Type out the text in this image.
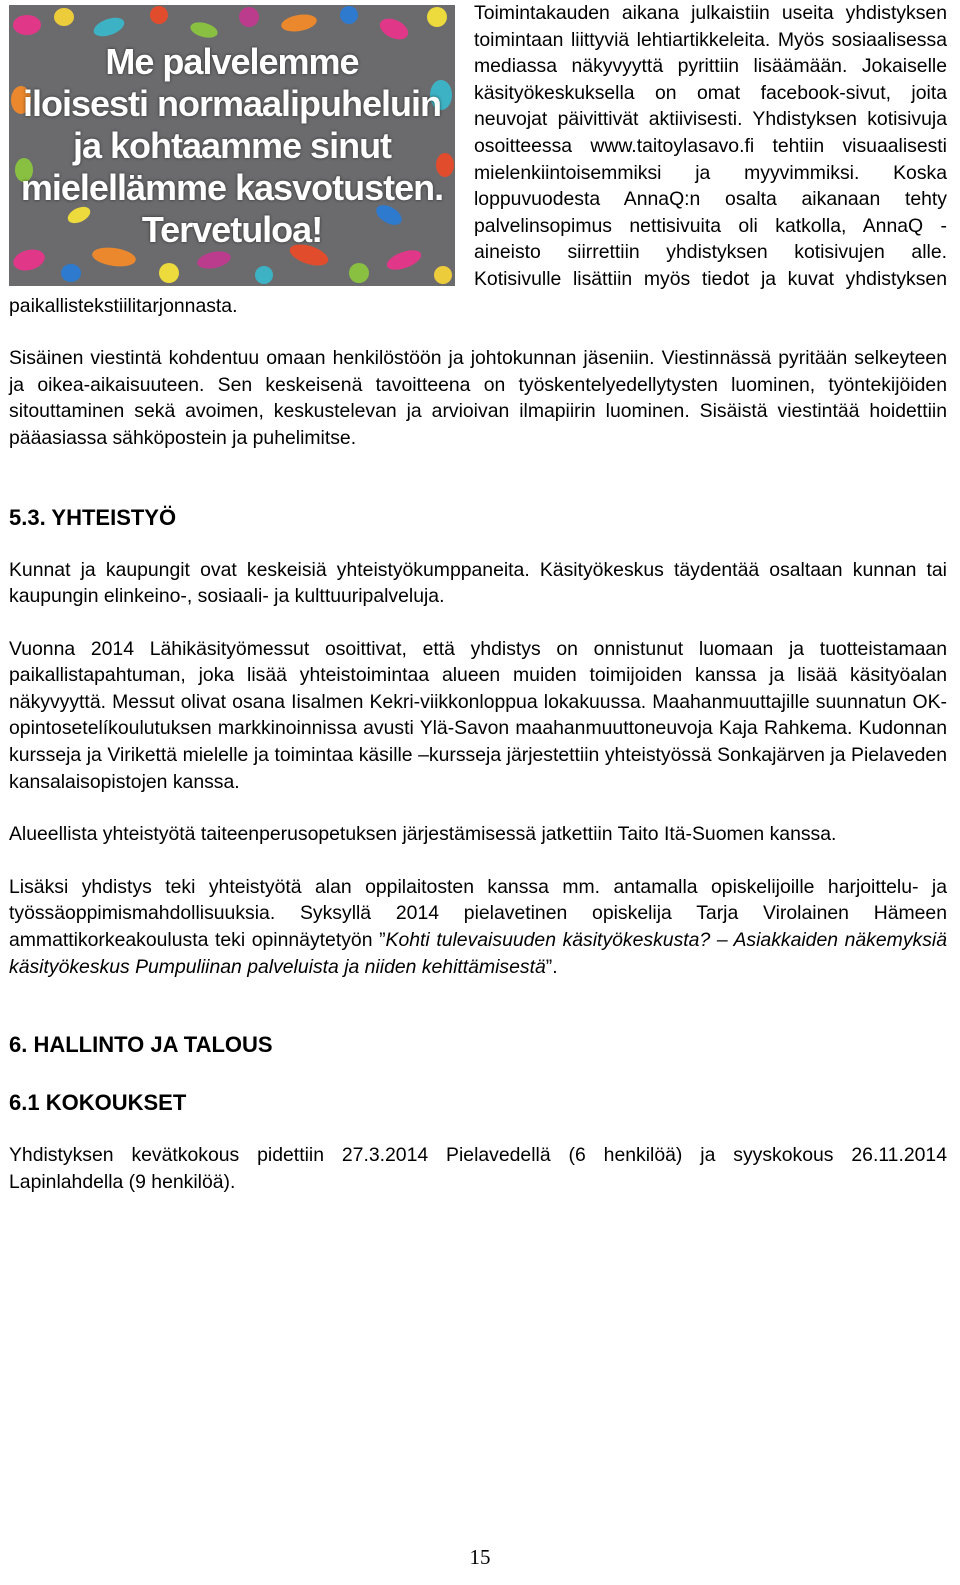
Me palvelemme
iloisesti normaalipuheluin
ja kohtaamme sinut
mielellämme kasvotusten.
Tervetuloa!

Toimintakauden aikana julkaistiin useita yhdistyksen toimintaan liittyviä lehtiartikkeleita. Myös sosiaalisessa mediassa näkyvyyttä pyrittiin lisäämään. Jokaiselle käsityökeskuksella on omat facebook-sivut, joita neuvojat päivittivät aktiivisesti. Yhdistyksen kotisivuja osoitteessa www.taitoylasavo.fi tehtiin visuaalisesti mielenkiintoisemmiksi ja myyvimmiksi. Koska loppuvuodesta AnnaQ:n osalta aikanaan tehty palvelinsopimus nettisivuita oli katkolla, AnnaQ -aineisto siirrettiin yhdistyksen kotisivujen alle. Kotisivulle lisättiin myös tiedot ja kuvat yhdistyksen paikallistekstiilitarjonnasta.

Sisäinen viestintä kohdentuu omaan henkilöstöön ja johtokunnan jäseniin. Viestinnässä pyritään selkeyteen ja oikea-aikaisuuteen. Sen keskeisenä tavoitteena on työskentelyedellytysten luominen, työntekijöiden sitouttaminen sekä avoimen, keskustelevan ja arvioivan ilmapiirin luominen. Sisäistä viestintää hoidettiin pääasiassa sähköpostein ja puhelimitse.

5.3. YHTEISTYÖ

Kunnat ja kaupungit ovat keskeisiä yhteistyökumppaneita. Käsityökeskus täydentää osaltaan kunnan tai kaupungin elinkeino-, sosiaali- ja kulttuuripalveluja.

Vuonna 2014 Lähikäsityömessut osoittivat, että yhdistys on onnistunut luomaan ja tuotteistamaan paikallistapahtuman, joka lisää yhteistoimintaa alueen muiden toimijoiden kanssa ja lisää käsityöalan näkyvyyttä. Messut olivat osana Iisalmen Kekri-viikkonloppua lokakuussa. Maahanmuuttajille suunnatun OK-opintosetelíkoulutuksen markkinoinnissa avusti Ylä-Savon maahanmuuttoneuvoja Kaja Rahkema. Kudonnan kursseja ja Virikettä mielelle ja toimintaa käsille –kursseja järjestettiin yhteistyössä Sonkajärven ja Pielaveden kansalaisopistojen kanssa.

Alueellista yhteistyötä taiteenperusopetuksen järjestämisessä jatkettiin Taito Itä-Suomen kanssa.

Lisäksi yhdistys teki yhteistyötä alan oppilaitosten kanssa mm. antamalla opiskelijoille harjoittelu- ja työssäoppimismahdollisuuksia. Syksyllä 2014 pielavetinen opiskelija Tarja Virolainen Hämeen ammattikorkeakoulusta teki opinnäytetyön ”Kohti tulevaisuuden käsityökeskusta? – Asiakkaiden näkemyksiä käsityökeskus Pumpuliinan palveluista ja niiden kehittämisestä”.

6. HALLINTO JA TALOUS
6.1 KOKOUKSET

Yhdistyksen kevätkokous pidettiin 27.3.2014 Pielavedellä (6 henkilöä) ja syyskokous 26.11.2014 Lapinlahdella (9 henkilöä).

15
